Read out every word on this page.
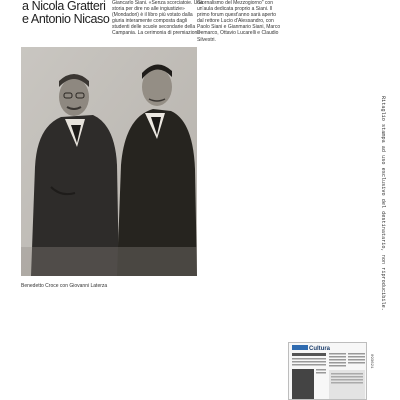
a Nicola Gratteri
e Antonio Nicaso
Giancarlo Siani. «Senza scorciatoie. Una
storia per dire no alle ingiustizie»
(Mondadori) è il libro più votato dalla
giuria interamente composta dagli
studenti delle scuole secondarie della
Campania. La cerimonia di premiazione
Giornalismo del Mezzogiorno" con
un'aula dedicata proprio a Siani. Il
primo forum quest'anno sarà aperto
dal rettore Lucio d'Alessandro, con
Paolo Siani e Gianmario Siani, Marco
Demarco, Ottavio Lucarelli e Claudio
Silvestri.
Benedetto Croce con Giovanni Laterza	Ritaglio stampa ad uso esclusivo del destinatario, non riproducibile.
Cultura
093621
